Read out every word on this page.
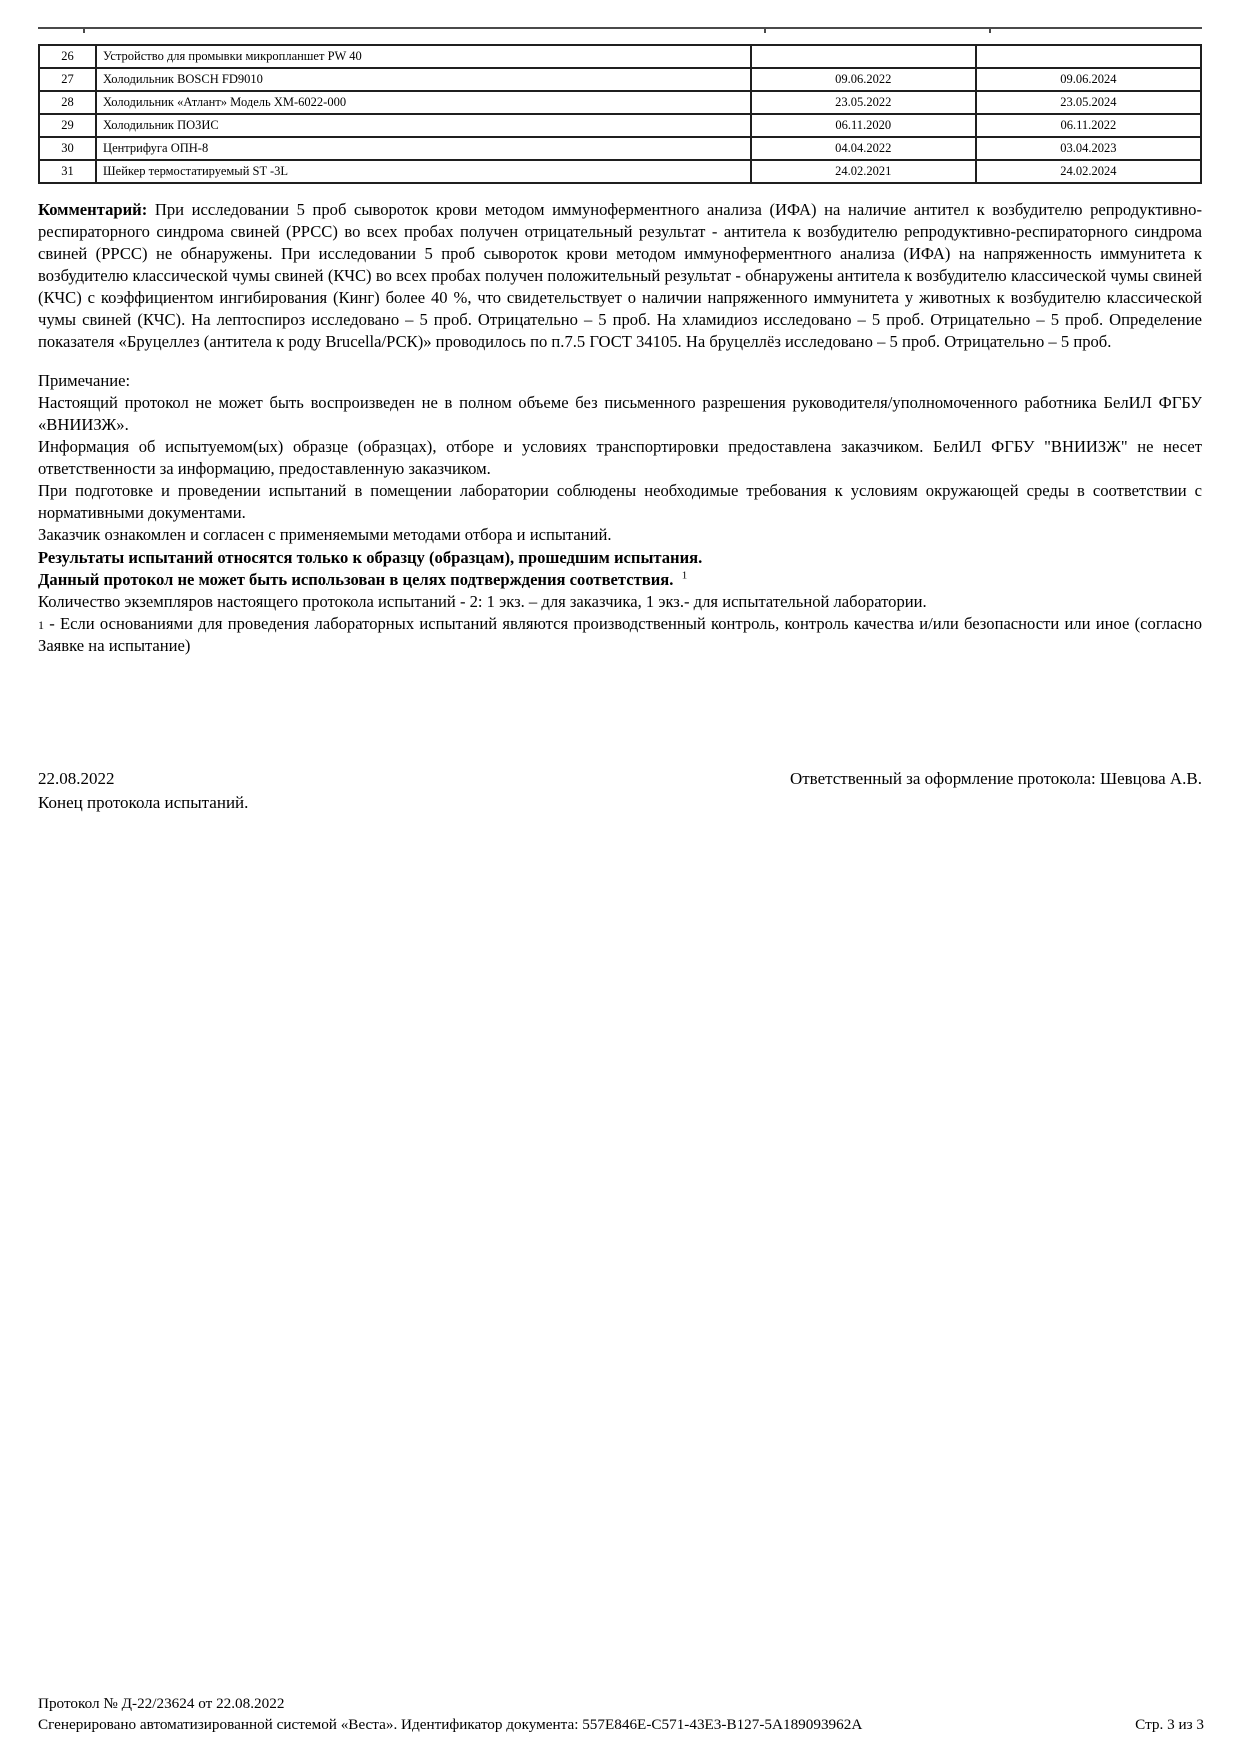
26	Устройство для промывки микропланшет PW 40		
27	Холодильник BOSCH FD9010	09.06.2022	09.06.2024
28	Холодильник «Атлант» Модель XM-6022-000	23.05.2022	23.05.2024
29	Холодильник ПОЗИС	06.11.2020	06.11.2022
30	Центрифуга ОПН-8	04.04.2022	03.04.2023
31	Шейкер термостатируемый ST -3L	24.02.2021	24.02.2024

Комментарий: При исследовании 5 проб сывороток крови методом иммуноферментного анализа (ИФА) на наличие антител к возбудителю репродуктивно-респираторного синдрома свиней (РРСС) во всех пробах получен отрицательный результат - антитела к возбудителю репродуктивно-респираторного синдрома свиней (РРСС) не обнаружены. При исследовании 5 проб сывороток крови методом иммуноферментного анализа (ИФА) на напряженность иммунитета к возбудителю классической чумы свиней (КЧС) во всех пробах получен положительный результат - обнаружены антитела к возбудителю классической чумы свиней (КЧС) с коэффициентом ингибирования (Кинг) более 40 %, что свидетельствует о наличии напряженного иммунитета у животных к возбудителю классической чумы свиней (КЧС). На лептоспироз исследовано – 5 проб. Отрицательно – 5 проб. На хламидиоз исследовано – 5 проб. Отрицательно – 5 проб. Определение показателя «Бруцеллез (антитела к роду Brucella/РСК)» проводилось по п.7.5 ГОСТ 34105. На бруцеллёз исследовано – 5 проб. Отрицательно – 5 проб.

Примечание:

Настоящий протокол не может быть воспроизведен не в полном объеме без письменного разрешения руководителя/уполномоченного работника БелИЛ ФГБУ «ВНИИЗЖ».

Информация об испытуемом(ых) образце (образцах), отборе и условиях транспортировки предоставлена заказчиком. БелИЛ ФГБУ "ВНИИЗЖ" не несет ответственности за информацию, предоставленную заказчиком.

При подготовке и проведении испытаний в помещении лаборатории соблюдены необходимые требования к условиям окружающей среды в соответствии с нормативными документами.

Заказчик ознакомлен и согласен с применяемыми методами отбора и испытаний.

Результаты испытаний относятся только к образцу (образцам), прошедшим испытания.

Данный протокол не может быть использован в целях подтверждения соответствия. $^1$

Количество экземпляров настоящего протокола испытаний - 2: 1 экз. – для заказчика, 1 экз.- для испытательной лаборатории.

1 - Если основаниями для проведения лабораторных испытаний являются производственный контроль, контроль качества и/или безопасности или иное (согласно Заявке на испытание)

22.08.2022	Ответственный за оформление протокола: Шевцова А.В.
Конец протокола испытаний.
Протокол № Д-22/23624 от 22.08.2022
Сгенерировано автоматизированной системой «Веста». Идентификатор документа: 557E846E-C571-43E3-B127-5A189093962A	Стр. 3 из 3
